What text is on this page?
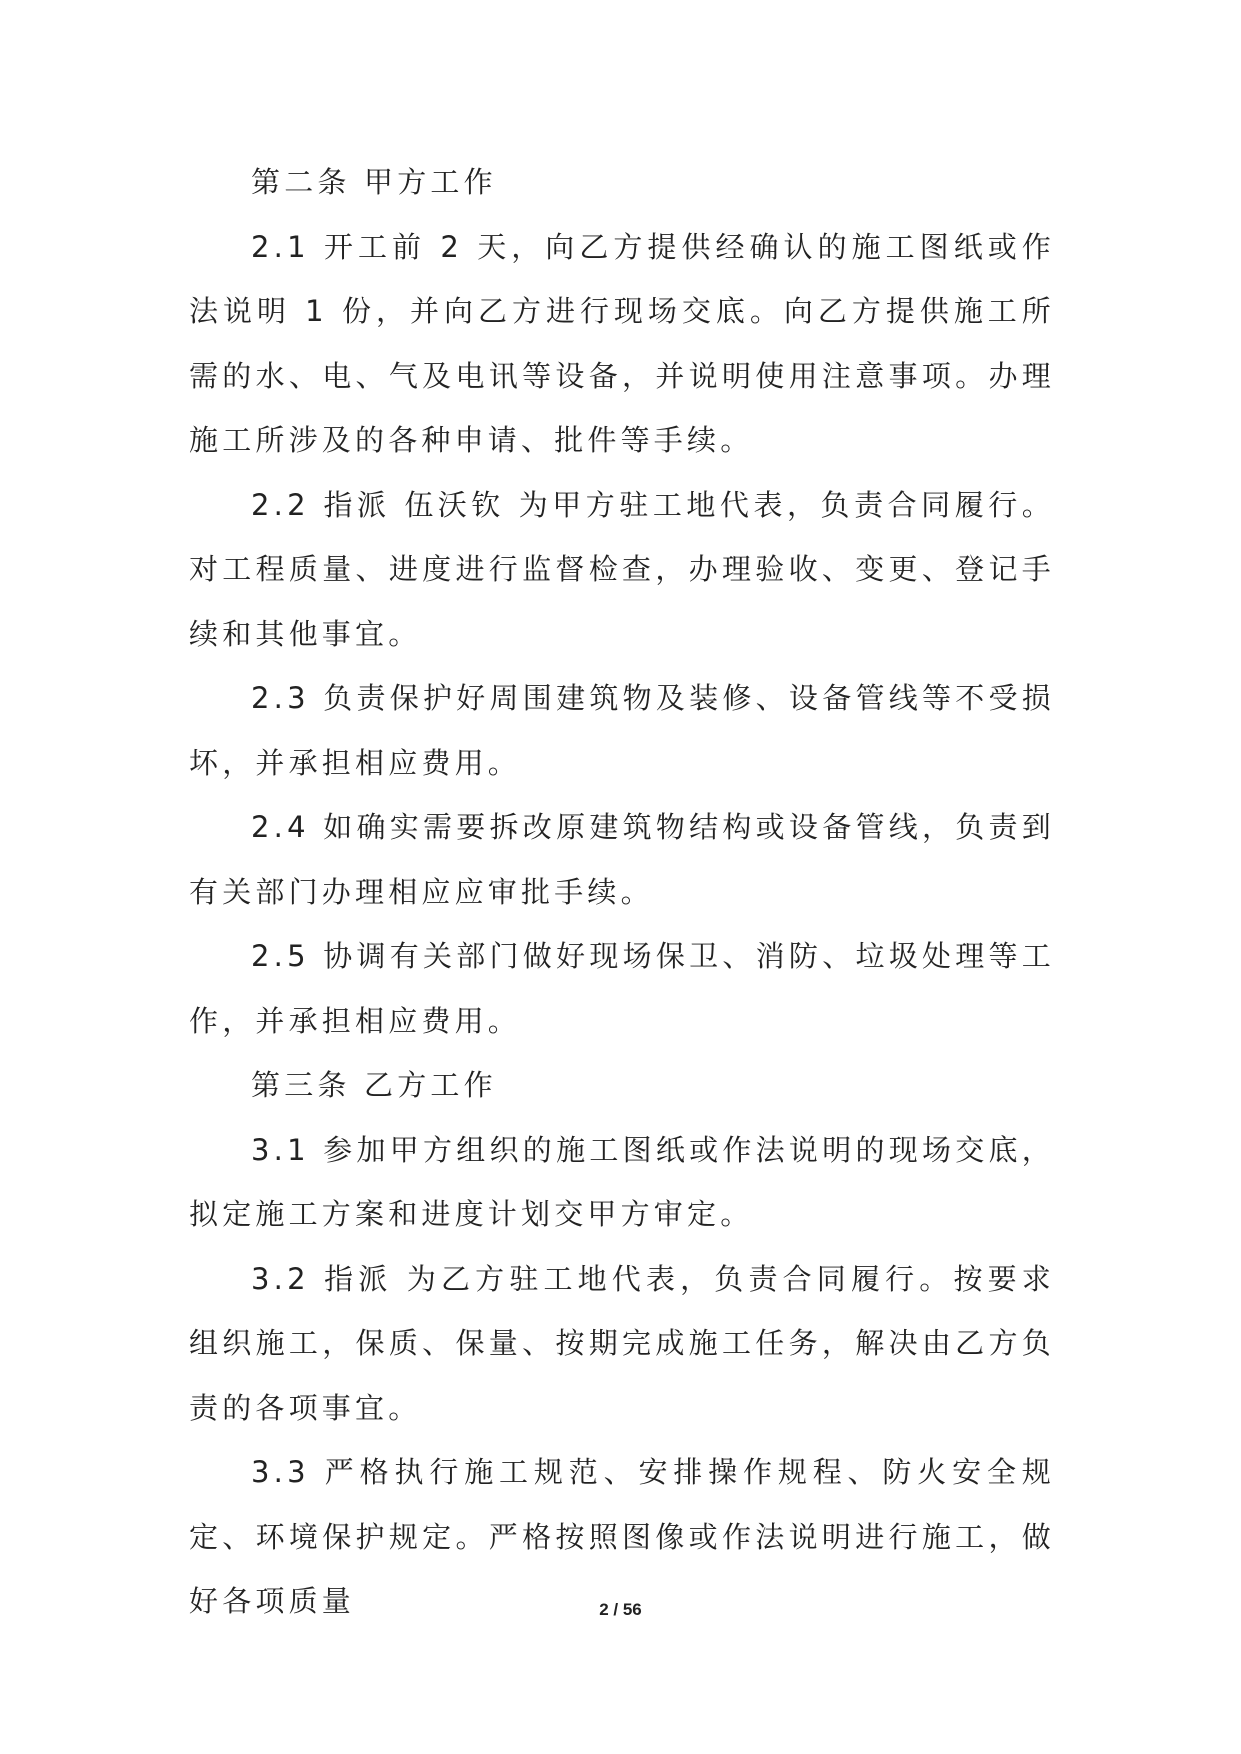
第二条 甲方工作

2.1 开工前 2 天，向乙方提供经确认的施工图纸或作法说明 1 份，并向乙方进行现场交底。向乙方提供施工所需的水、电、气及电讯等设备，并说明使用注意事项。办理施工所涉及的各种申请、批件等手续。

2.2 指派 伍沃钦 为甲方驻工地代表，负责合同履行。对工程质量、进度进行监督检查，办理验收、变更、登记手续和其他事宜。

2.3 负责保护好周围建筑物及装修、设备管线等不受损坏，并承担相应费用。

2.4 如确实需要拆改原建筑物结构或设备管线，负责到有关部门办理相应应审批手续。

2.5 协调有关部门做好现场保卫、消防、垃圾处理等工作，并承担相应费用。

第三条 乙方工作

3.1 参加甲方组织的施工图纸或作法说明的现场交底，拟定施工方案和进度计划交甲方审定。

3.2 指派 为乙方驻工地代表，负责合同履行。按要求组织施工，保质、保量、按期完成施工任务，解决由乙方负责的各项事宜。

3.3 严格执行施工规范、安排操作规程、防火安全规定、环境保护规定。严格按照图像或作法说明进行施工，做好各项质量	2 / 56
